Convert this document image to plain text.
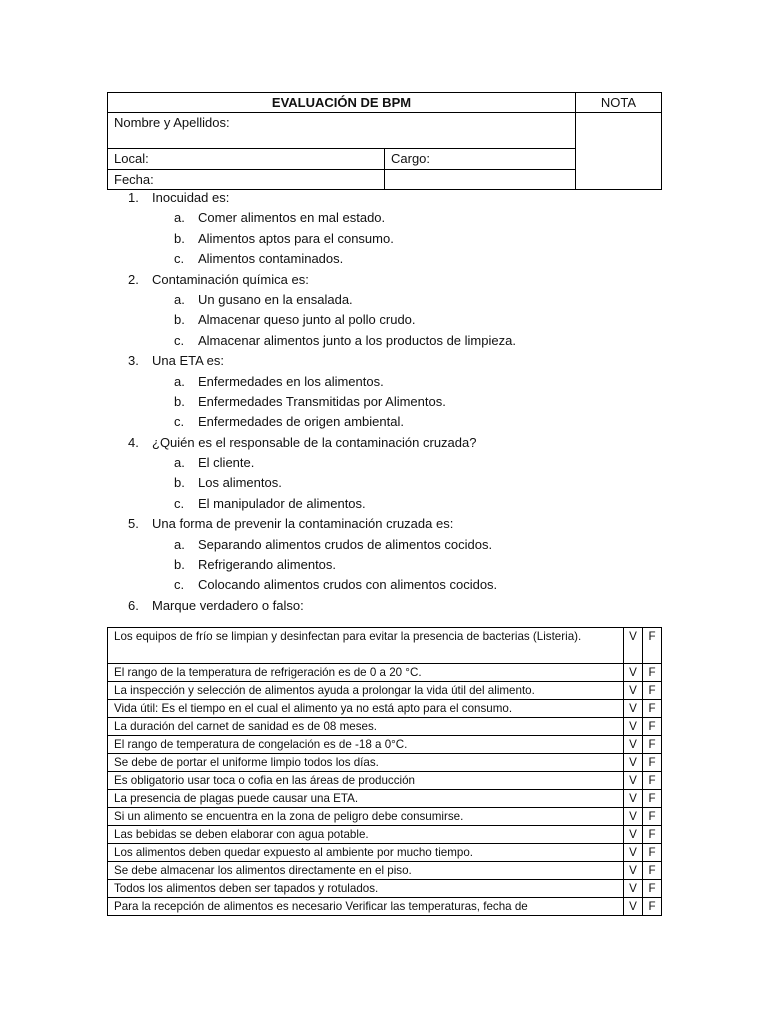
EVALUACIÓN DE BPM		NOTA
Nombre y Apellidos:		
Local:	Cargo:	
Fecha:		
1.	Inocuidad es:
a. Comer alimentos en mal estado.
b. Alimentos aptos para el consumo.
c. Alimentos contaminados.
2.	Contaminación química es:
a. Un gusano en la ensalada.
b. Almacenar queso junto al pollo crudo.
c. Almacenar alimentos junto a los productos de limpieza.
3.	Una ETA es:
a. Enfermedades en los alimentos.
b. Enfermedades Transmitidas por Alimentos.
c. Enfermedades de origen ambiental.
4.	¿Quién es el responsable de la contaminación cruzada?
a. El cliente.
b. Los alimentos.
c. El manipulador de alimentos.
5.	Una forma de prevenir la contaminación cruzada es:
a. Separando alimentos crudos de alimentos cocidos.
b. Refrigerando alimentos.
c. Colocando alimentos crudos con alimentos cocidos.
6.	Marque verdadero o falso:
Los equipos de frío se limpian y desinfectan para evitar la presencia de bacterias (Listeria).	V	F
El rango de la temperatura de refrigeración es de 0 a 20 °C.	V	F
La inspección y selección de alimentos ayuda a prolongar la vida útil del alimento.	V	F
Vida útil: Es el tiempo en el cual el alimento ya no está apto para el consumo.	V	F
La duración del carnet de sanidad es de 08 meses.	V	F
El rango de temperatura de congelación es de -18 a 0°C.	V	F
Se debe de portar el uniforme limpio todos los días.	V	F
Es obligatorio usar toca o cofia en las áreas de producción	V	F
La presencia de plagas puede causar una ETA.	V	F
Si un alimento se encuentra en la zona de peligro debe consumirse.	V	F
Las bebidas se deben elaborar con agua potable.	V	F
Los alimentos deben quedar expuesto al ambiente por mucho tiempo.	V	F
Se debe almacenar los alimentos directamente en el piso.	V	F
Todos los alimentos deben ser tapados y rotulados.	V	F
Para la recepción de alimentos es necesario Verificar las temperaturas, fecha de	V	F
